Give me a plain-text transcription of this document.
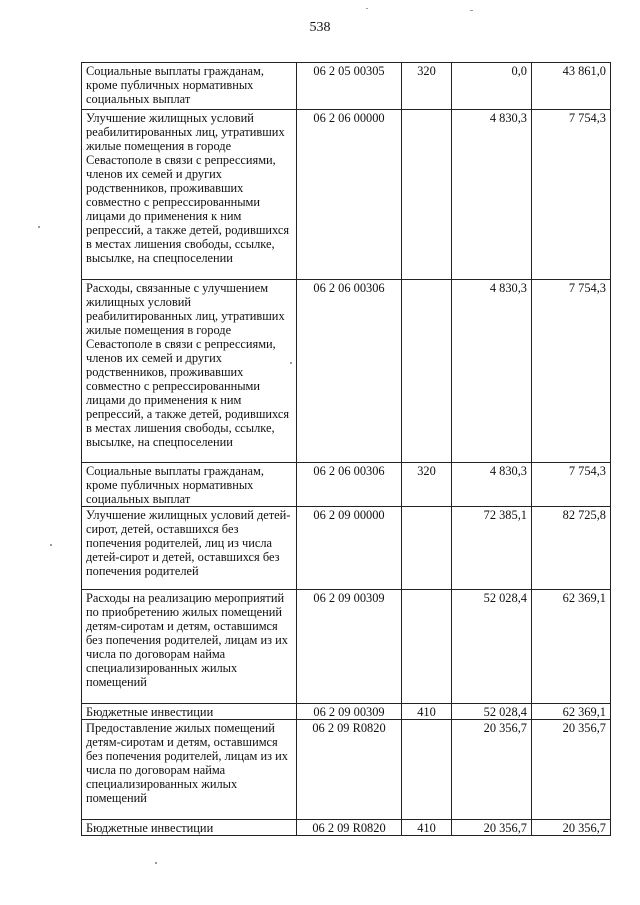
538
Социальные выплаты гражданам, кроме публичных нормативных социальных выплат	06 2 05 00305	320	0,0	43 861,0
Улучшение жилищных условий реабилитированных лиц, утративших жилые помещения в городе Севастополе в связи с репрессиями, членов их семей и других родственников, проживавших совместно с репрессированными лицами до применения к ним репрессий, а также детей, родившихся в местах лишения свободы, ссылке, высылке, на спецпоселении	06 2 06 00000		4 830,3	7 754,3
Расходы, связанные с улучшением жилищных условий реабилитированных лиц, утративших жилые помещения в городе Севастополе в связи с репрессиями, членов их семей и других родственников, проживавших совместно с репрессированными лицами до применения к ним репрессий, а также детей, родившихся в местах лишения свободы, ссылке, высылке, на спецпоселении	06 2 06 00306		4 830,3	7 754,3
Социальные выплаты гражданам, кроме публичных нормативных социальных выплат	06 2 06 00306	320	4 830,3	7 754,3
Улучшение жилищных условий детей-сирот, детей, оставшихся без попечения родителей, лиц из числа детей-сирот и детей, оставшихся без попечения родителей	06 2 09 00000		72 385,1	82 725,8
Расходы на реализацию мероприятий по приобретению жилых помещений детям-сиротам и детям, оставшимся без попечения родителей, лицам из их числа по договорам найма специализированных жилых помещений	06 2 09 00309		52 028,4	62 369,1
Бюджетные инвестиции	06 2 09 00309	410	52 028,4	62 369,1
Предоставление жилых помещений детям-сиротам и детям, оставшимся без попечения родителей, лицам из их числа по договорам найма специализированных жилых помещений	06 2 09 R0820		20 356,7	20 356,7
Бюджетные инвестиции	06 2 09 R0820	410	20 356,7	20 356,7
